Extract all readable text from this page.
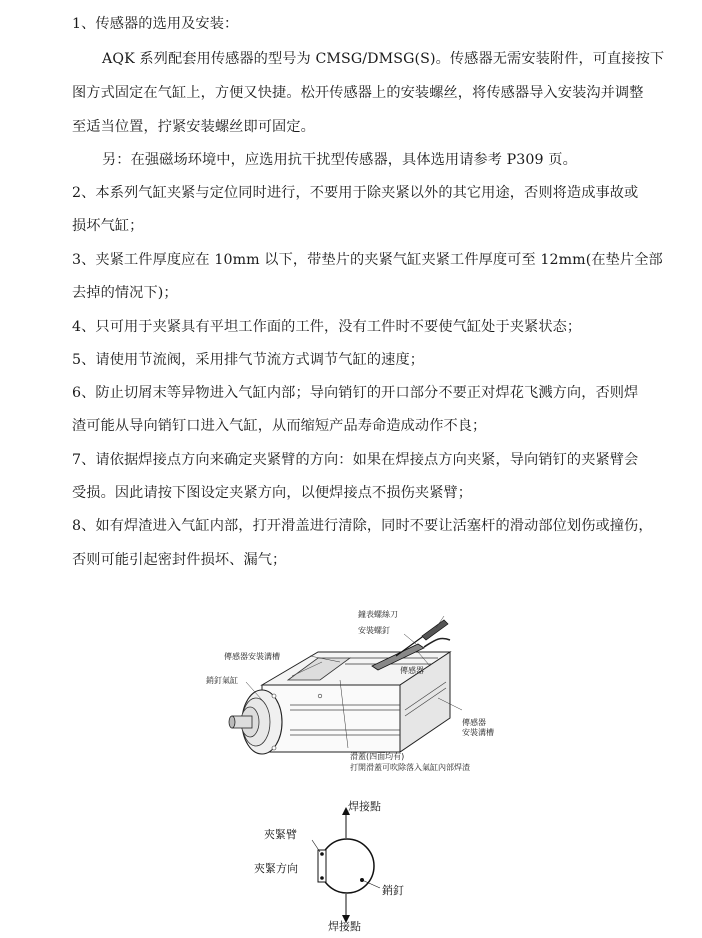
1、传感器的选用及安装：
AQK 系列配套用传感器的型号为 CMSG/DMSG(S)。传感器无需安装附件，可直接按下
图方式固定在气缸上，方便又快捷。松开传感器上的安装螺丝，将传感器导入安装沟并调整
至适当位置，拧紧安装螺丝即可固定。
另：在强磁场环境中，应选用抗干扰型传感器，具体选用请参考 P309 页。
2、本系列气缸夹紧与定位同时进行，不要用于除夹紧以外的其它用途，否则将造成事故或
损坏气缸；
3、夹紧工件厚度应在 10mm 以下，带垫片的夹紧气缸夹紧工件厚度可至 12mm(在垫片全部
去掉的情况下)；
4、只可用于夹紧具有平坦工作面的工件，没有工件时不要使气缸处于夹紧状态；
5、请使用节流阀，采用排气节流方式调节气缸的速度；
6、防止切屑末等异物进入气缸内部；导向销钉的开口部分不要正对焊花飞溅方向，否则焊
渣可能从导向销钉口进入气缸，从而缩短产品寿命造成动作不良；
7、请依据焊接点方向来确定夹紧臂的方向：如果在焊接点方向夹紧，导向销钉的夹紧臂会
受损。因此请按下图设定夹紧方向，以便焊接点不损伤夹紧臂；
8、如有焊渣进入气缸内部，打开滑盖进行清除，同时不要让活塞杆的滑动部位划伤或撞伤，
否则可能引起密封件损坏、漏气；
鐘表螺絲刀
安裝螺釘
傳感器安裝溝槽
傳感器
銷釘氣缸
傳感器
安裝溝槽
滑蓋(四面均有)
打開滑蓋可吹除落入氣缸內部焊渣
焊接點
夾緊臂
夾緊方向
銷釘
焊接點
